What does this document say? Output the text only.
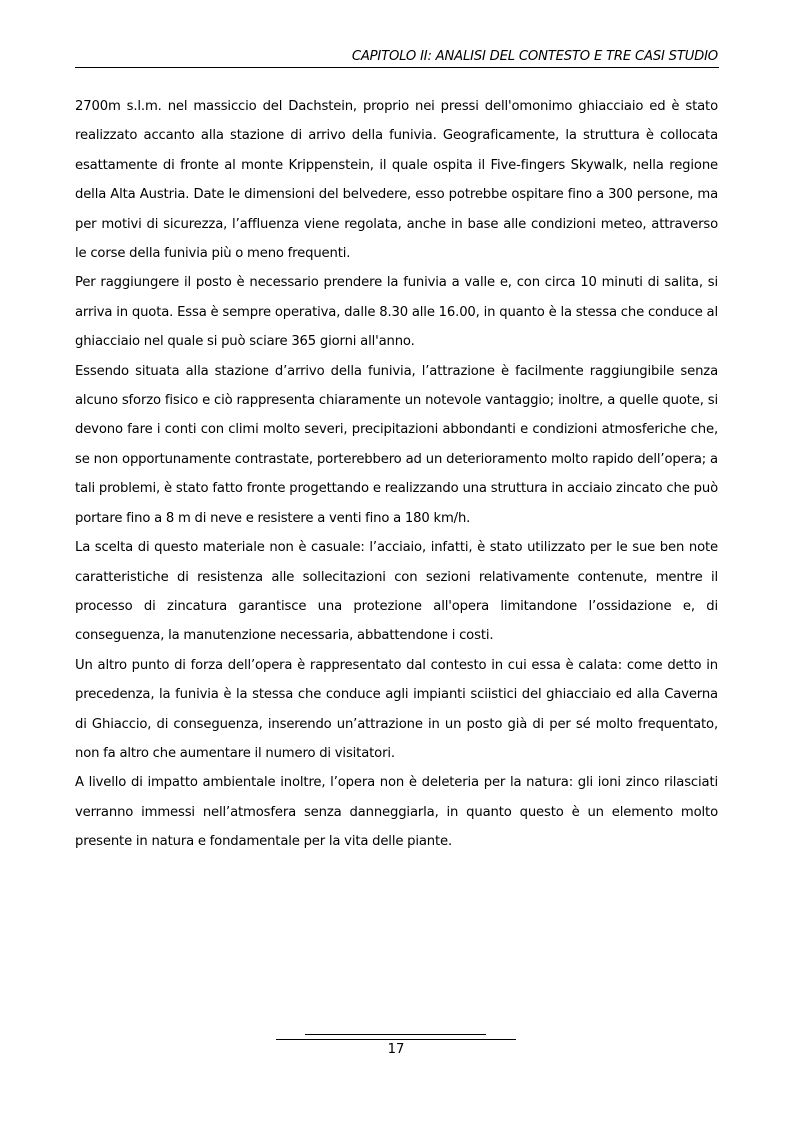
CAPITOLO II: ANALISI DEL CONTESTO E TRE CASI STUDIO

2700m s.l.m. nel massiccio del Dachstein, proprio nei pressi dell'omonimo ghiacciaio ed è stato realizzato accanto alla stazione di arrivo della funivia. Geograficamente, la struttura è collocata esattamente di fronte al monte Krippenstein, il quale ospita il Five-fingers Skywalk, nella regione della Alta Austria. Date le dimensioni del belvedere, esso potrebbe ospitare fino a 300 persone, ma per motivi di sicurezza, l’affluenza viene regolata, anche in base alle condizioni meteo, attraverso le corse della funivia più o meno frequenti.

Per raggiungere il posto è necessario prendere la funivia a valle e, con circa 10 minuti di salita, si arriva in quota. Essa è sempre operativa, dalle 8.30 alle 16.00, in quanto è la stessa che conduce al ghiacciaio nel quale si può sciare 365 giorni all'anno.

Essendo situata alla stazione d’arrivo della funivia, l’attrazione è facilmente raggiungibile senza alcuno sforzo fisico e ciò rappresenta chiaramente un notevole vantaggio; inoltre, a quelle quote, si devono fare i conti con climi molto severi, precipitazioni abbondanti e condizioni atmosferiche che, se non opportunamente contrastate, porterebbero ad un deterioramento molto rapido dell’opera; a tali problemi, è stato fatto fronte progettando e realizzando una struttura in acciaio zincato che può portare fino a 8 m di neve e resistere a venti fino a 180 km/h.

La scelta di questo materiale non è casuale: l’acciaio, infatti, è stato utilizzato per le sue ben note caratteristiche di resistenza alle sollecitazioni con sezioni relativamente contenute, mentre il processo di zincatura garantisce una protezione all'opera limitandone l’ossidazione e, di conseguenza, la manutenzione necessaria, abbattendone i costi.

Un altro punto di forza dell’opera è rappresentato dal contesto in cui essa è calata: come detto in precedenza, la funivia è la stessa che conduce agli impianti sciistici del ghiacciaio ed alla Caverna di Ghiaccio, di conseguenza, inserendo un’attrazione in un posto già di per sé molto frequentato, non fa altro che aumentare il numero di visitatori.

A livello di impatto ambientale inoltre, l’opera non è deleteria per la natura: gli ioni zinco rilasciati verranno immessi nell’atmosfera senza danneggiarla, in quanto questo è un elemento molto presente in natura e fondamentale per la vita delle piante.

17
